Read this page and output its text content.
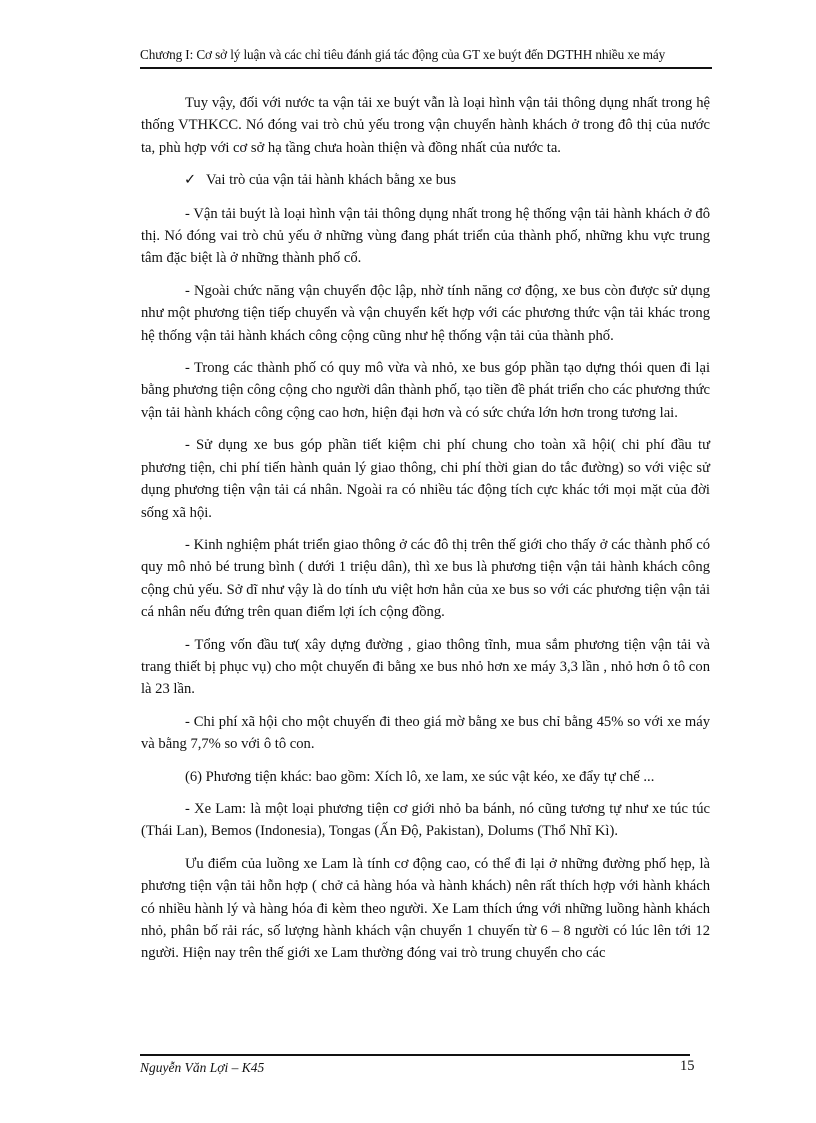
Chương I: Cơ sở lý luận và các chỉ tiêu đánh giá tác động của GT xe buýt đến DGTHH nhiều xe máy

Tuy vậy, đối với nước ta vận tải xe buýt vẫn là loại hình vận tải thông dụng nhất trong hệ thống VTHKCC. Nó đóng vai trò chủ yếu trong vận chuyển hành khách ở trong đô thị của nước ta, phù hợp với cơ sở hạ tầng chưa hoàn thiện và đồng nhất của nước ta.

✓ Vai trò của vận tải hành khách bằng xe bus

- Vận tải buýt là loại hình vận tải thông dụng nhất trong hệ thống vận tải hành khách ở đô thị. Nó đóng vai trò chủ yếu ở những vùng đang phát triển của thành phố, những khu vực trung tâm đặc biệt là ở những thành phố cổ.

- Ngoài chức năng vận chuyển độc lập, nhờ tính năng cơ động, xe bus còn được sử dụng như một phương tiện tiếp chuyển và vận chuyển kết hợp với các phương thức vận tải khác trong hệ thống vận tải hành khách công cộng cũng như hệ thống vận tải của thành phố.

- Trong các thành phố có quy mô vừa và nhỏ, xe bus góp phần tạo dựng thói quen đi lại bằng phương tiện công cộng cho người dân thành phố, tạo tiền đề phát triển cho các phương thức vận tải hành khách công cộng cao hơn, hiện đại hơn và có sức chứa lớn hơn trong tương lai.

- Sử dụng xe bus góp phần tiết kiệm chi phí chung cho toàn xã hội( chi phí đầu tư phương tiện, chi phí tiến hành quản lý giao thông, chi phí thời gian do tắc đường) so với việc sử dụng phương tiện vận tải cá nhân. Ngoài ra có nhiều tác động tích cực khác tới mọi mặt của đời sống xã hội.

- Kinh nghiệm phát triển giao thông ở các đô thị trên thế giới cho thấy ở các thành phố có quy mô nhỏ bé trung bình ( dưới 1 triệu dân), thì xe bus là phương tiện vận tải hành khách công cộng chủ yếu. Sở dĩ như vậy là do tính ưu việt hơn hẳn của xe bus so với các phương tiện vận tải cá nhân nếu đứng trên quan điểm lợi ích cộng đồng.

- Tổng vốn đầu tư( xây dựng đường , giao thông tĩnh, mua sắm phương tiện vận tải và trang thiết bị phục vụ) cho một chuyến đi bằng xe bus nhỏ hơn xe máy 3,3 lần , nhỏ hơn ô tô con là 23 lần.

- Chi phí xã hội cho một chuyến đi theo giá mờ bằng xe bus chỉ bằng 45% so với xe máy và bằng 7,7% so với ô tô con.

(6) Phương tiện khác: bao gồm: Xích lô, xe lam, xe súc vật kéo, xe đẩy tự chế ...

- Xe Lam: là một loại phương tiện cơ giới nhỏ ba bánh, nó cũng tương tự như xe túc túc (Thái Lan), Bemos (Indonesia), Tongas (Ấn Độ, Pakistan), Dolums (Thổ Nhĩ Kì).

Ưu điểm của luồng xe Lam là tính cơ động cao, có thể đi lại ở những đường phố hẹp, là phương tiện vận tải hỗn hợp ( chở cả hàng hóa và hành khách) nên rất thích hợp với hành khách có nhiều hành lý và hàng hóa đi kèm theo người. Xe Lam thích ứng với những luồng hành khách nhỏ, phân bố rải rác, số lượng hành khách vận chuyển 1 chuyến từ 6 – 8 người có lúc lên tới 12 người. Hiện nay trên thế giới xe Lam thường đóng vai trò trung chuyển cho các

Nguyễn Văn Lợi – K45	15
